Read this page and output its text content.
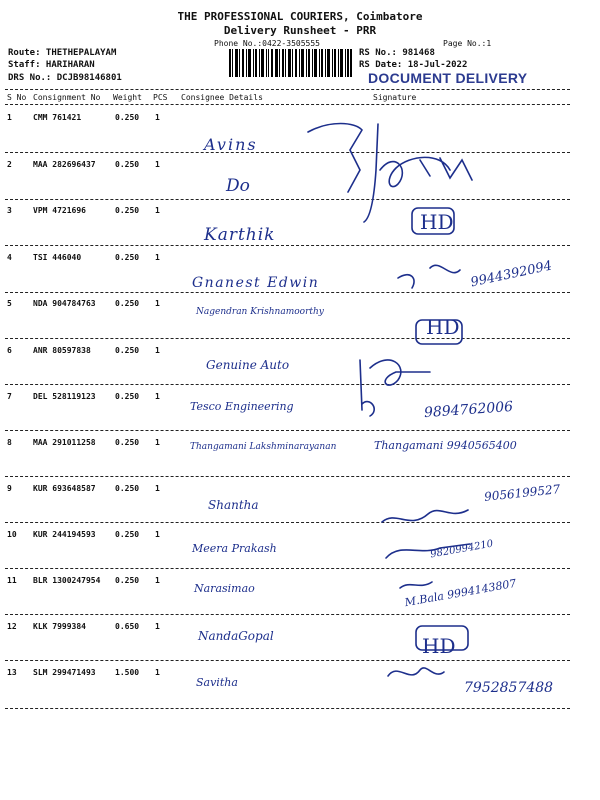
THE PROFESSIONAL COURIERS, Coimbatore
Delivery Runsheet - PRR
Phone No.:0422-3505555	Page No.:1
Route: THETHEPALAYAM
Staff: HARIHARAN
DRS No.: DCJB98146801
RS No.: 981468
RS Date: 18-Jul-2022
DOCUMENT DELIVERY
S No Consignment No Weight PCS Consignee Details	Signature
1	CMM 761421	0.250 1
Avins
2	MAA 282696437 0.250 1
Do
3	VPM 4721696	0.250 1
Karthik
HD
4	TSI 446040	0.250 1
Gnanest Edwin	9944392094
5	NDA 904784763 0.250 1
Nagendran Krishnamoorthy
HD
6	ANR 80597838	0.250 1
Genuine Auto
7	DEL 528119123 0.250 1
Tesco Engineering	9894762006
8	MAA 291011258 0.250 1	Thangamani Lakshminarayanan	Thangamani 9940565400
9	KUR 693648587 0.250 1
Shantha
9056199527
10 KUR 244194593 0.250 1
Meera Prakash	9820994210
11 BLR 1300247954 0.250 1
Narasimao	M.Bala 9994143807
12 KLK 7999384	0.650 1
NandaGopal	HD
13 SLM 299471493 1.500 1
Savitha	7952857488
